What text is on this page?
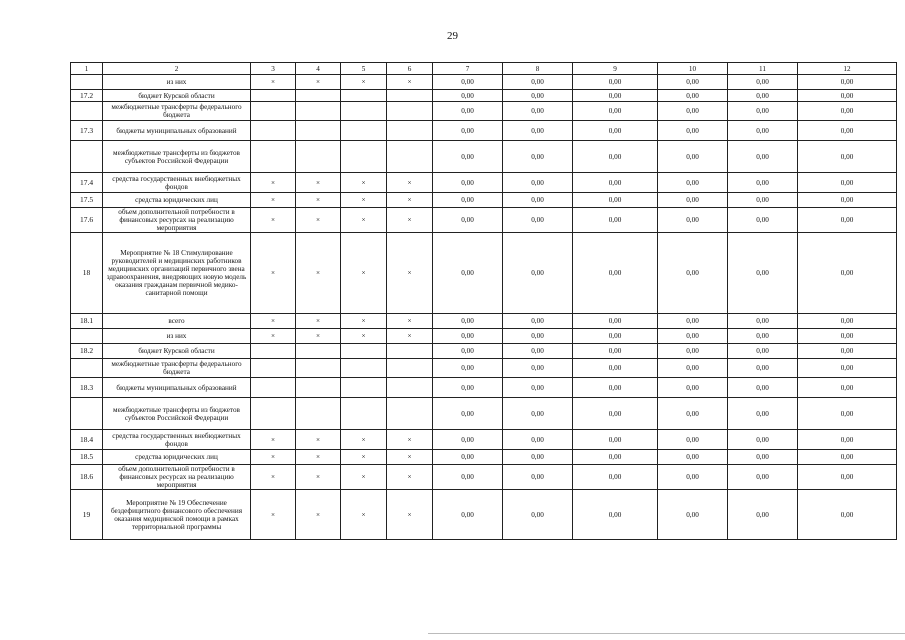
29
1	2	3	4	5	6	7	8	9	10	11	12
	из них	×	×	×	×	0,00	0,00	0,00	0,00	0,00	0,00
17.2	бюджет Курской области					0,00	0,00	0,00	0,00	0,00	0,00
	межбюджетные трансферты федерального бюджета					0,00	0,00	0,00	0,00	0,00	0,00
17.3	бюджеты муниципальных образований					0,00	0,00	0,00	0,00	0,00	0,00
	межбюджетные трансферты из бюджетов субъектов Российской Федерации					0,00	0,00	0,00	0,00	0,00	0,00
17.4	средства государственных внебюджетных фондов	×	×	×	×	0,00	0,00	0,00	0,00	0,00	0,00
17.5	средства юридических лиц	×	×	×	×	0,00	0,00	0,00	0,00	0,00	0,00
17.6	объем дополнительной потребности в финансовых ресурсах на реализацию мероприятия	×	×	×	×	0,00	0,00	0,00	0,00	0,00	0,00
18	Мероприятие № 18 Стимулирование руководителей и медицинских работников медицинских организаций первичного звена здравоохранения, внедряющих новую модель оказания гражданам первичной медико-санитарной помощи	×	×	×	×	0,00	0,00	0,00	0,00	0,00	0,00
18.1	всего	×	×	×	×	0,00	0,00	0,00	0,00	0,00	0,00
	из них	×	×	×	×	0,00	0,00	0,00	0,00	0,00	0,00
18.2	бюджет Курской области					0,00	0,00	0,00	0,00	0,00	0,00
	межбюджетные трансферты федерального бюджета					0,00	0,00	0,00	0,00	0,00	0,00
18.3	бюджеты муниципальных образований					0,00	0,00	0,00	0,00	0,00	0,00
	межбюджетные трансферты из бюджетов субъектов Российской Федерации					0,00	0,00	0,00	0,00	0,00	0,00
18.4	средства государственных внебюджетных фондов	×	×	×	×	0,00	0,00	0,00	0,00	0,00	0,00
18.5	средства юридических лиц	×	×	×	×	0,00	0,00	0,00	0,00	0,00	0,00
18.6	объем дополнительной потребности в финансовых ресурсах на реализацию мероприятия	×	×	×	×	0,00	0,00	0,00	0,00	0,00	0,00
19	Мероприятие № 19 Обеспечение бездефицитного финансового обеспечения оказания медицинской помощи в рамках территориальной программы	×	×	×	×	0,00	0,00	0,00	0,00	0,00	0,00
